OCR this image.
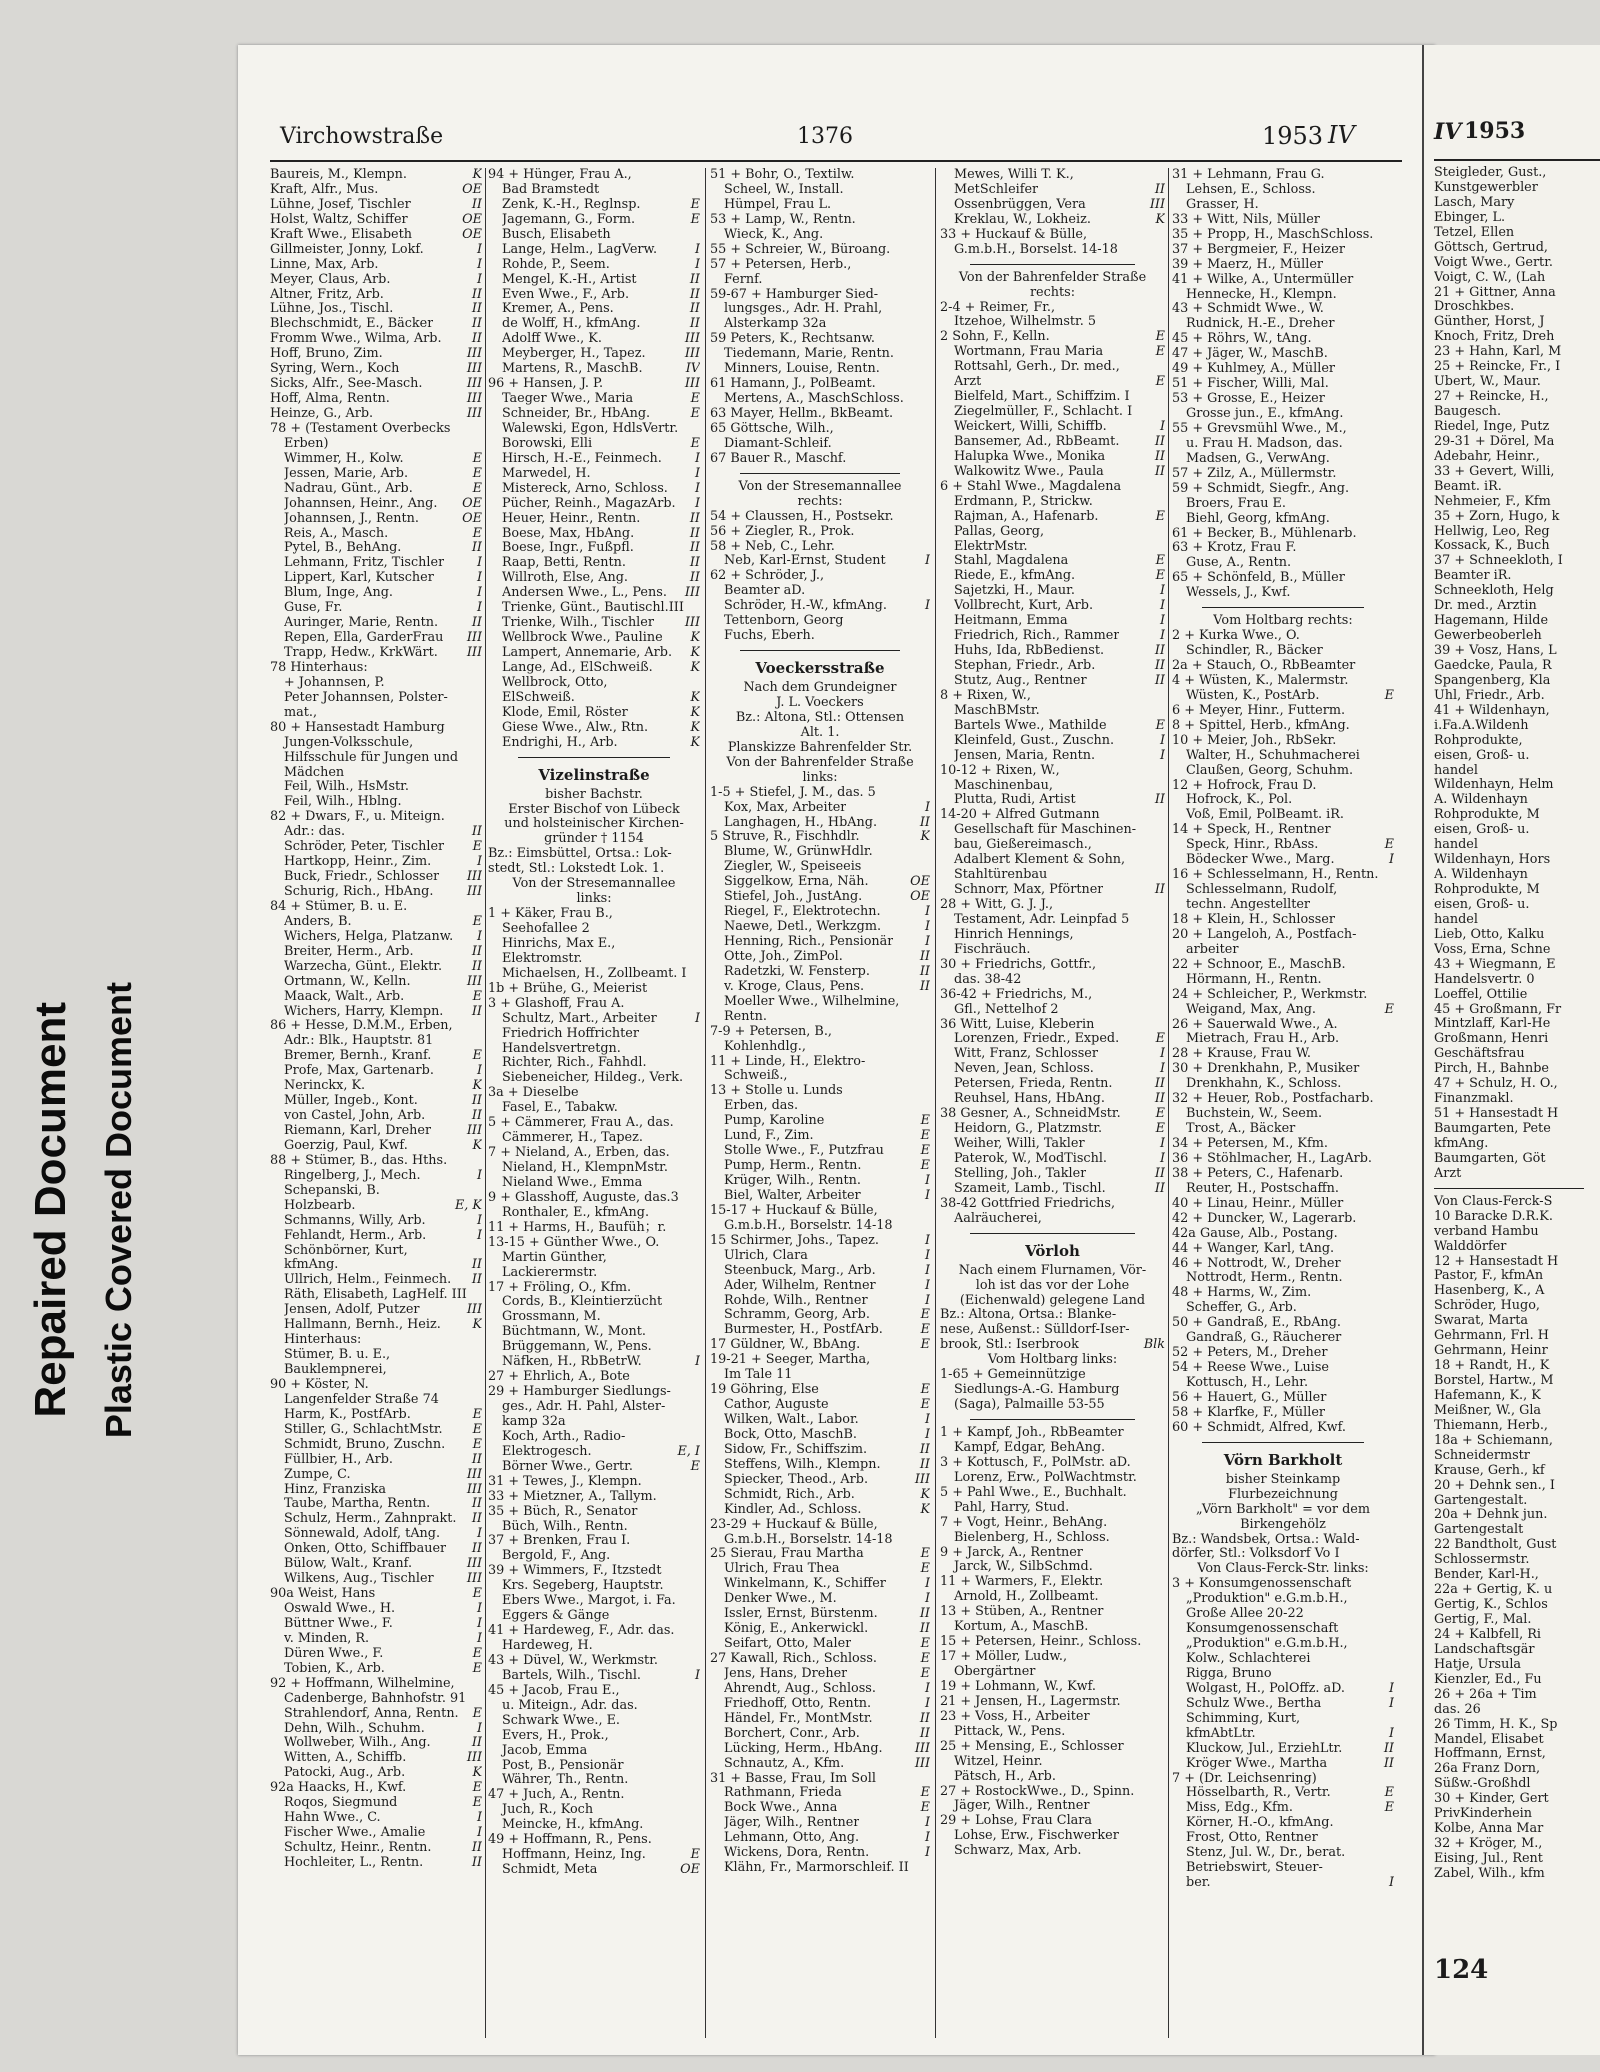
Repaired Document Plastic Covered Document
Virchowstraße	1376	1953 IV
Baureis, M., Klempn.	K
Kraft, Alfr., Mus.	OE
Lühne, Josef, Tischler	II
Holst, Waltz, Schiffer	OE
Kraft Wwe., Elisabeth	OE
Gillmeister, Jonny, Lokf.	I
Linne, Max, Arb.	I
Meyer, Claus, Arb.	I
Altner, Fritz, Arb.	II
Lühne, Jos., Tischl.	II
Blechschmidt, E., Bäcker	II
Fromm Wwe., Wilma, Arb.	II
Hoff, Bruno, Zim.	III
Syring, Wern., Koch	III
Sicks, Alfr., See-Masch.	III
Hoff, Alma, Rentn.	III
Heinze, G., Arb.	III
78 + (Testament Overbecks
Erben)
Wimmer, H., Kolw.	E
Jessen, Marie, Arb.	E
Nadrau, Günt., Arb.	E
Johannsen, Heinr., Ang.	OE
Johannsen, J., Rentn.	OE
Reis, A., Masch.	E
Pytel, B., BehAng.	II
Lehmann, Fritz, Tischler	I
Lippert, Karl, Kutscher	I
Blum, Inge, Ang.	I
Guse, Fr.	I
Auringer, Marie, Rentn.	II
Repen, Ella, GarderFrau	III
Trapp, Hedw., KrkWärt.	III
78 Hinterhaus:
+ Johannsen, P.
Peter Johannsen, Polster-
mat.,
80 + Hansestadt Hamburg
Jungen-Volksschule,
Hilfsschule für Jungen und
Mädchen
Feil, Wilh., HsMstr.
Feil, Wilh., Hblng.
82 + Dwars, F., u. Miteign.
Adr.: das.	II
Schröder, Peter, Tischler	E
Hartkopp, Heinr., Zim.	I
Buck, Friedr., Schlosser	III
Schurig, Rich., HbAng.	III
84 + Stümer, B. u. E.
Anders, B.	E
Wichers, Helga, Platzanw.	I
Breiter, Herm., Arb.	II
Warzecha, Günt., Elektr.	II
Ortmann, W., Kelln.	III
Maack, Walt., Arb.	E
Wichers, Harry, Klempn.	II
86 + Hesse, D.M.M., Erben,
Adr.: Blk., Hauptstr. 81
Bremer, Bernh., Kranf.	E
Profe, Max, Gartenarb.	I
Nerinckx, K.	K
Müller, Ingeb., Kont.	II
von Castel, John, Arb.	II
Riemann, Karl, Dreher	III
Goerzig, Paul, Kwf.	K
88 + Stümer, B., das. Hths.
Ringelberg, J., Mech.	I
Schepanski, B.
Holzbearb.	E, K
Schmanns, Willy, Arb.	I
Fehlandt, Herm., Arb.	I
Schönbörner, Kurt,
kfmAng.	II
Ullrich, Helm., Feinmech.	II
Räth, Elisabeth, LagHelf. III
Jensen, Adolf, Putzer	III
Hallmann, Bernh., Heiz.	K
Hinterhaus:
Stümer, B. u. E.,
Bauklempnerei,
90 + Köster, N.
Langenfelder Straße 74
Harm, K., PostfArb.	E
Stiller, G., SchlachtMstr.	E
Schmidt, Bruno, Zuschn.	E
Füllbier, H., Arb.	II
Zumpe, C.	III
Hinz, Franziska	III
Taube, Martha, Rentn.	II
Schulz, Herm., Zahnprakt.	II
Sönnewald, Adolf, tAng.	I
Onken, Otto, Schiffbauer	II
Bülow, Walt., Kranf.	III
Wilkens, Aug., Tischler	III
90a Weist, Hans	E
Oswald Wwe., H.	I
Büttner Wwe., F.	I
v. Minden, R.	I
Düren Wwe., F.	E
Tobien, K., Arb.	E
92 + Hoffmann, Wilhelmine,
Cadenberge, Bahnhofstr. 91
Strahlendorf, Anna, Rentn.	E
Dehn, Wilh., Schuhm.	I
Wollweber, Wilh., Ang.	II
Witten, A., Schiffb.	III
Patocki, Aug., Arb.	K
92a Haacks, H., Kwf.	E
Roqos, Siegmund	E
Hahn Wwe., C.	I
Fischer Wwe., Amalie	I
Schultz, Heinr., Rentn.	II
Hochleiter, L., Rentn.	II
94 + Hünger, Frau A.,
Bad Bramstedt
Zenk, K.-H., Reglnsp.	E
Jagemann, G., Form.	E
Busch, Elisabeth
Lange, Helm., LagVerw.	I
Rohde, P., Seem.	I
Mengel, K.-H., Artist	II
Even Wwe., F., Arb.	II
Kremer, A., Pens.	II
de Wolff, H., kfmAng.	II
Adolff Wwe., K.	III
Meyberger, H., Tapez.	III
Martens, R., MaschB.	IV
96 + Hansen, J. P.	III
Taeger Wwe., Maria	E
Schneider, Br., HbAng.	E
Walewski, Egon, HdlsVertr.
Borowski, Elli	E
Hirsch, H.-E., Feinmech.	I
Marwedel, H.	I
Mistereck, Arno, Schloss.	I
Pücher, Reinh., MagazArb.	I
Heuer, Heinr., Rentn.	II
Boese, Max, HbAng.	II
Boese, Ingr., Fußpfl.	II
Raap, Betti, Rentn.	II
Willroth, Else, Ang.	II
Andersen Wwe., L., Pens.	III
Trienke, Günt., Bautischl.III
Trienke, Wilh., Tischler	III
Wellbrock Wwe., Pauline	K
Lampert, Annemarie, Arb.	K
Lange, Ad., ElSchweiß.	K
Wellbrock, Otto,
ElSchweiß.	K
Klode, Emil, Röster	K
Giese Wwe., Alw., Rtn.	K
Endrighi, H., Arb.	K
Vizelinstraße
bisher Bachstr.
Erster Bischof von Lübeck
und holsteinischer Kirchen-
gründer † 1154
Bz.: Eimsbüttel, Ortsa.: Lok-
stedt, Stl.: Lokstedt Lok. 1.
Von der Stresemannallee
links:
1 + Käker, Frau B.,
Seehofallee 2
Hinrichs, Max E.,
Elektromstr.
Michaelsen, H., Zollbeamt. I
1b + Brühe, G., Meierist
3 + Glashoff, Frau A.
Schultz, Mart., Arbeiter	I
Friedrich Hoffrichter
Handelsvertretgn.
Richter, Rich., Fahhdl.
Siebeneicher, Hildeg., Verk.
3a + Dieselbe
Fasel, E., Tabakw.
5 + Cämmerer, Frau A., das.
Cämmerer, H., Tapez.
7 + Nieland, A., Erben, das.
Nieland, H., KlempnMstr.
Nieland Wwe., Emma
9 + Glasshoff, Auguste, das.3
Ronthaler, E., kfmAng.
11 + Harms, H., Baufüh；r.
13-15 + Günther Wwe., O.
Martin Günther,
Lackierermstr.
17 + Fröling, O., Kfm.
Cords, B., Kleintierzücht
Grossmann, M.
Büchtmann, W., Mont.
Brüggemann, W., Pens.
Näfken, H., RbBetrW.	I
27 + Ehrlich, A., Bote
29 + Hamburger Siedlungs-
ges., Adr. H. Pahl, Alster-
kamp 32a
Koch, Arth., Radio-
Elektrogesch.	E, I
Börner Wwe., Gertr.	E
31 + Tewes, J., Klempn.
33 + Mietzner, A., Tallym.
35 + Büch, R., Senator
Büch, Wilh., Rentn.
37 + Brenken, Frau I.
Bergold, F., Ang.
39 + Wimmers, F., Itzstedt
Krs. Segeberg, Hauptstr.
Ebers Wwe., Margot, i. Fa.
Eggers & Gänge
41 + Hardeweg, F., Adr. das.
Hardeweg, H.
43 + Düvel, W., Werkmstr.
Bartels, Wilh., Tischl.	I
45 + Jacob, Frau E.,
u. Miteign., Adr. das.
Schwark Wwe., E.
Evers, H., Prok.,
Jacob, Emma
Post, B., Pensionär
Währer, Th., Rentn.
47 + Juch, A., Rentn.
Juch, R., Koch
Meincke, H., kfmAng.
49 + Hoffmann, R., Pens.
Hoffmann, Heinz, Ing.	E
Schmidt, Meta	OE
51 + Bohr, O., Textilw.
Scheel, W., Install.
Hümpel, Frau L.
53 + Lamp, W., Rentn.
Wieck, K., Ang.
55 + Schreier, W., Büroang.
57 + Petersen, Herb.,
Fernf.
59-67 + Hamburger Sied-
lungsges., Adr. H. Prahl,
Alsterkamp 32a
59 Peters, K., Rechtsanw.
Tiedemann, Marie, Rentn.
Minners, Louise, Rentn.
61 Hamann, J., PolBeamt.
Mertens, A., MaschSchloss.
63 Mayer, Hellm., BkBeamt.
65 Göttsche, Wilh.,
Diamant-Schleif.
67 Bauer R., Maschf.
Von der Stresemannallee
rechts:
54 + Claussen, H., Postsekr.
56 + Ziegler, R., Prok.
58 + Neb, C., Lehr.
Neb, Karl-Ernst, Student	I
62 + Schröder, J.,
Beamter aD.
Schröder, H.-W., kfmAng.	I
Tettenborn, Georg
Fuchs, Eberh.
Voeckersstraße
Nach dem Grundeigner
J. L. Voeckers
Bz.: Altona, Stl.: Ottensen
Alt. 1.
Planskizze Bahrenfelder Str.
Von der Bahrenfelder Straße
links:
1-5 + Stiefel, J. M., das. 5
Kox, Max, Arbeiter	I
Langhagen, H., HbAng.	II
5 Struve, R., Fischhdlr.	K
Blume, W., GrünwHdlr.
Ziegler, W., Speiseeis
Siggelkow, Erna, Näh.	OE
Stiefel, Joh., JustAng.	OE
Riegel, F., Elektrotechn.	I
Naewe, Detl., Werkzgm.	I
Henning, Rich., Pensionär	I
Otte, Joh., ZimPol.	II
Radetzki, W. Fensterp.	II
v. Kroge, Claus, Pens.	II
Moeller Wwe., Wilhelmine,
Rentn.
7-9 + Petersen, B.,
Kohlenhdlg.,
11 + Linde, H., Elektro-
Schweiß.,
13 + Stolle u. Lunds
Erben, das.
Pump, Karoline	E
Lund, F., Zim.	E
Stolle Wwe., F., Putzfrau	E
Pump, Herm., Rentn.	E
Krüger, Wilh., Rentn.	I
Biel, Walter, Arbeiter	I
15-17 + Huckauf & Bülle,
G.m.b.H., Borselstr. 14-18
15 Schirmer, Johs., Tapez.	I
Ulrich, Clara	I
Steenbuck, Marg., Arb.	I
Ader, Wilhelm, Rentner	I
Rohde, Wilh., Rentner	I
Schramm, Georg, Arb.	E
Burmester, H., PostfArb.	E
17 Güldner, W., BbAng.	E
19-21 + Seeger, Martha,
Im Tale 11
19 Göhring, Else	E
Cathor, Auguste	E
Wilken, Walt., Labor.	I
Bock, Otto, MaschB.	I
Sidow, Fr., Schiffszim.	II
Steffens, Wilh., Klempn.	II
Spiecker, Theod., Arb.	III
Schmidt, Rich., Arb.	K
Kindler, Ad., Schloss.	K
23-29 + Huckauf & Bülle,
G.m.b.H., Borselstr. 14-18
25 Sierau, Frau Martha	E
Ulrich, Frau Thea	E
Winkelmann, K., Schiffer	I
Denker Wwe., M.	I
Issler, Ernst, Bürstenm.	II
König, E., Ankerwickl.	II
Seifart, Otto, Maler	E
27 Kawall, Rich., Schloss.	E
Jens, Hans, Dreher	E
Ahrendt, Aug., Schloss.	I
Friedhoff, Otto, Rentn.	I
Händel, Fr., MontMstr.	II
Borchert, Conr., Arb.	II
Lücking, Herm., HbAng.	III
Schnautz, A., Kfm.	III
31 + Basse, Frau, Im Soll
Rathmann, Frieda	E
Bock Wwe., Anna	E
Jäger, Wilh., Rentner	I
Lehmann, Otto, Ang.	I
Wickens, Dora, Rentn.	I
Klähn, Fr., Marmorschleif. II
Mewes, Willi T. K.,
MetSchleifer	II
Ossenbrüggen, Vera	III
Kreklau, W., Lokheiz.	K
33 + Huckauf & Bülle,
G.m.b.H., Borselst. 14-18
Von der Bahrenfelder Straße
rechts:
2-4 + Reimer, Fr.,
Itzehoe, Wilhelmstr. 5
2 Sohn, F., Kelln.	E
Wortmann, Frau Maria	E
Rottsahl, Gerh., Dr. med.,
Arzt	E
Bielfeld, Mart., Schiffzim. I
Ziegelmüller, F., Schlacht. I
Weickert, Willi, Schiffb.	I
Bansemer, Ad., RbBeamt.	II
Halupka Wwe., Monika	II
Walkowitz Wwe., Paula	II
6 + Stahl Wwe., Magdalena
Erdmann, P., Strickw.
Rajman, A., Hafenarb.	E
Pallas, Georg,
ElektrMstr.
Stahl, Magdalena	E
Riede, E., kfmAng.	E
Sajetzki, H., Maur.	I
Vollbrecht, Kurt, Arb.	I
Heitmann, Emma	I
Friedrich, Rich., Rammer	I
Huhs, Ida, RbBedienst.	II
Stephan, Friedr., Arb.	II
Stutz, Aug., Rentner	II
8 + Rixen, W.,
MaschBMstr.
Bartels Wwe., Mathilde	E
Kleinfeld, Gust., Zuschn.	I
Jensen, Maria, Rentn.	I
10-12 + Rixen, W.,
Maschinenbau,
Plutta, Rudi, Artist	II
14-20 + Alfred Gutmann
Gesellschaft für Maschinen-
bau, Gießereimasch.,
Adalbert Klement & Sohn,
Stahltürenbau
Schnorr, Max, Pförtner	II
28 + Witt, G. J. J.,
Testament, Adr. Leinpfad 5
Hinrich Hennings,
Fischräuch.
30 + Friedrichs, Gottfr.,
das. 38-42
36-42 + Friedrichs, M.,
Gfl., Nettelhof 2
36 Witt, Luise, Kleberin
Lorenzen, Friedr., Exped.	E
Witt, Franz, Schlosser	I
Neven, Jean, Schloss.	I
Petersen, Frieda, Rentn.	II
Reuhsel, Hans, HbAng.	II
38 Gesner, A., SchneidMstr.	E
Heidorn, G., Platzmstr.	E
Weiher, Willi, Takler	I
Paterok, W., ModTischl.	I
Stelling, Joh., Takler	II
Szameit, Lamb., Tischl.	II
38-42 Gottfried Friedrichs,
Aalräucherei,
Vörloh
Nach einem Flurnamen, Vör-
loh ist das vor der Lohe
(Eichenwald) gelegene Land
Bz.: Altona, Ortsa.: Blanke-
nese, Außenst.: Sülldorf-Iser-
brook, Stl.: Iserbrook	Blk
Vom Holtbarg links:
1-65 + Gemeinnützige
Siedlungs-A.-G. Hamburg
(Saga), Palmaille 53-55
1 + Kampf, Joh., RbBeamter
Kampf, Edgar, BehAng.
3 + Kottusch, F., PolMstr. aD.
Lorenz, Erw., PolWachtmstr.
5 + Pahl Wwe., E., Buchhalt.
Pahl, Harry, Stud.
7 + Vogt, Heinr., BehAng.
Bielenberg, H., Schloss.
9 + Jarck, A., Rentner
Jarck, W., SilbSchmd.
11 + Warmers, F., Elektr.
Arnold, H., Zollbeamt.
13 + Stüben, A., Rentner
Kortum, A., MaschB.
15 + Petersen, Heinr., Schloss.
17 + Möller, Ludw.,
Obergärtner
19 + Lohmann, W., Kwf.
21 + Jensen, H., Lagermstr.
23 + Voss, H., Arbeiter
Pittack, W., Pens.
25 + Mensing, E., Schlosser
Witzel, Heinr.
Pätsch, H., Arb.
27 + RostockWwe., D., Spinn.
Jäger, Wilh., Rentner
29 + Lohse, Frau Clara
Lohse, Erw., Fischwerker
Schwarz, Max, Arb.
31 + Lehmann, Frau G.
Lehsen, E., Schloss.
Grasser, H.
33 + Witt, Nils, Müller
35 + Propp, H., MaschSchloss.
37 + Bergmeier, F., Heizer
39 + Maerz, H., Müller
41 + Wilke, A., Untermüller
Hennecke, H., Klempn.
43 + Schmidt Wwe., W.
Rudnick, H.-E., Dreher
45 + Röhrs, W., tAng.
47 + Jäger, W., MaschB.
49 + Kuhlmey, A., Müller
51 + Fischer, Willi, Mal.
53 + Grosse, E., Heizer
Grosse jun., E., kfmAng.
55 + Grevsmühl Wwe., M.,
u. Frau H. Madson, das.
Madsen, G., VerwAng.
57 + Zilz, A., Müllermstr.
59 + Schmidt, Siegfr., Ang.
Broers, Frau E.
Biehl, Georg, kfmAng.
61 + Becker, B., Mühlenarb.
63 + Krotz, Frau F.
Guse, A., Rentn.
65 + Schönfeld, B., Müller
Wessels, J., Kwf.
Vom Holtbarg rechts:
2 + Kurka Wwe., O.
Schindler, R., Bäcker
2a + Stauch, O., RbBeamter
4 + Wüsten, K., Malermstr.
Wüsten, K., PostArb.	E
6 + Meyer, Hinr., Futterm.
8 + Spittel, Herb., kfmAng.
10 + Meier, Joh., RbSekr.
Walter, H., Schuhmacherei
Claußen, Georg, Schuhm.
12 + Hofrock, Frau D.
Hofrock, K., Pol.
Voß, Emil, PolBeamt. iR.
14 + Speck, H., Rentner
Speck, Hinr., RbAss.	E
Bödecker Wwe., Marg.	I
16 + Schlesselmann, H., Rentn.
Schlesselmann, Rudolf,
techn. Angestellter
18 + Klein, H., Schlosser
20 + Langeloh, A., Postfach-
arbeiter
22 + Schnoor, E., MaschB.
Hörmann, H., Rentn.
24 + Schleicher, P., Werkmstr.
Weigand, Max, Ang.	E
26 + Sauerwald Wwe., A.
Mietrach, Frau H., Arb.
28 + Krause, Frau W.
30 + Drenkhahn, P., Musiker
Drenkhahn, K., Schloss.
32 + Heuer, Rob., Postfacharb.
Buchstein, W., Seem.
Trost, A., Bäcker
34 + Petersen, M., Kfm.
36 + Stöhlmacher, H., LagArb.
38 + Peters, C., Hafenarb.
Reuter, H., Postschaffn.
40 + Linau, Heinr., Müller
42 + Duncker, W., Lagerarb.
42a Gause, Alb., Postang.
44 + Wanger, Karl, tAng.
46 + Nottrodt, W., Dreher
Nottrodt, Herm., Rentn.
48 + Harms, W., Zim.
Scheffer, G., Arb.
50 + Gandraß, E., RbAng.
Gandraß, G., Räucherer
52 + Peters, M., Dreher
54 + Reese Wwe., Luise
Kottusch, H., Lehr.
56 + Hauert, G., Müller
58 + Klarfke, F., Müller
60 + Schmidt, Alfred, Kwf.
Vörn Barkholt
bisher Steinkamp
Flurbezeichnung
„Vörn Barkholt" = vor dem
Birkengehölz
Bz.: Wandsbek, Ortsa.: Wald-
dörfer, Stl.: Volksdorf Vo I
Von Claus-Ferck-Str. links:
3 + Konsumgenossenschaft
„Produktion" e.G.m.b.H.,
Große Allee 20-22
Konsumgenossenschaft
„Produktion" e.G.m.b.H.,
Kolw., Schlachterei
Rigga, Bruno
Wolgast, H., PolOffz. aD.	I
Schulz Wwe., Bertha	I
Schimming, Kurt,
kfmAbtLtr.	I
Kluckow, Jul., ErziehLtr.	II
Kröger Wwe., Martha	II
7 + (Dr. Leichsenring)
Hösselbarth, R., Vertr.	E
Miss, Edg., Kfm.	E
Körner, H.-O., kfmAng.
Frost, Otto, Rentner
Stenz, Jul. W., Dr., berat.
Betriebswirt, Steuer-
ber.	I
IV 1953
Steigleder, Gust.,
Kunstgewerbler
Lasch, Mary
Ebinger, L.
Tetzel, Ellen
Göttsch, Gertrud,
Voigt Wwe., Gertr.
Voigt, C. W., (Lah
21 + Gittner, Anna
Droschkbes.
Günther, Horst, J
Knoch, Fritz, Dreh
23 + Hahn, Karl, M
25 + Reincke, Fr., I
Ubert, W., Maur.
27 + Reincke, H.,
Baugesch.
Riedel, Inge, Putz
29-31 + Dörel, Ma
Adebahr, Heinr.,
33 + Gevert, Willi,
Beamt. iR.
Nehmeier, F., Kfm
35 + Zorn, Hugo, k
Hellwig, Leo, Reg
Kossack, K., Buch
37 + Schneekloth, I
Beamter iR.
Schneekloth, Helg
Dr. med., Ärztin
Hagemann, Hilde
Gewerbeoberleh
39 + Vosz, Hans, L
Gaedcke, Paula, R
Spangenberg, Kla
Uhl, Friedr., Arb.
41 + Wildenhayn,
i.Fa.A.Wildenh
Rohprodukte,
eisen, Groß- u.
handel
Wildenhayn, Helm
A. Wildenhayn
Rohprodukte, M
eisen, Groß- u.
handel
Wildenhayn, Hors
A. Wildenhayn
Rohprodukte, M
eisen, Groß- u.
handel
Lieb, Otto, Kalku
Voss, Erna, Schne
43 + Wiegmann, E
Handelsvertr. 0
Loeffel, Ottilie
45 + Großmann, Fr
Mintzlaff, Karl-He
Großmann, Henri
Geschäftsfrau
Pirch, H., Bahnbe
47 + Schulz, H. O.,
Finanzmakl.
51 + Hansestadt H
Baumgarten, Pete
kfmAng.
Baumgarten, Göt
Arzt
Von Claus-Ferck-S
10 Baracke D.R.K.
verband Hambu
Walddörfer
12 + Hansestadt H
Pastor, F., kfmAn
Hasenberg, K., A
Schröder, Hugo,
Swarat, Marta
Gehrmann, Frl. H
Gehrmann, Heinr
18 + Randt, H., K
Borstel, Hartw., M
Hafemann, K., K
Meißner, W., Gla
Thiemann, Herb.,
18a + Schiemann,
Schneidermstr
Krause, Gerh., kf
20 + Dehnk sen., I
Gartengestalt.
20a + Dehnk jun.
Gartengestalt
22 Bandtholt, Gust
Schlossermstr.
Bender, Karl-H.,
22a + Gertig, K. u
Gertig, K., Schlos
Gertig, F., Mal.
24 + Kalbfell, Ri
Landschaftsgär
Hatje, Ursula
Kienzler, Ed., Fu
26 + 26a + Tim
das. 26
26 Timm, H. K., Sp
Mandel, Elisabet
Hoffmann, Ernst,
26a Franz Dorn,
Süßw.-Großhdl
30 + Kinder, Gert
PrivKinderhein
Kolbe, Anna Mar
32 + Kröger, M.,
Eising, Jul., Rent
Zabel, Wilh., kfm
124
